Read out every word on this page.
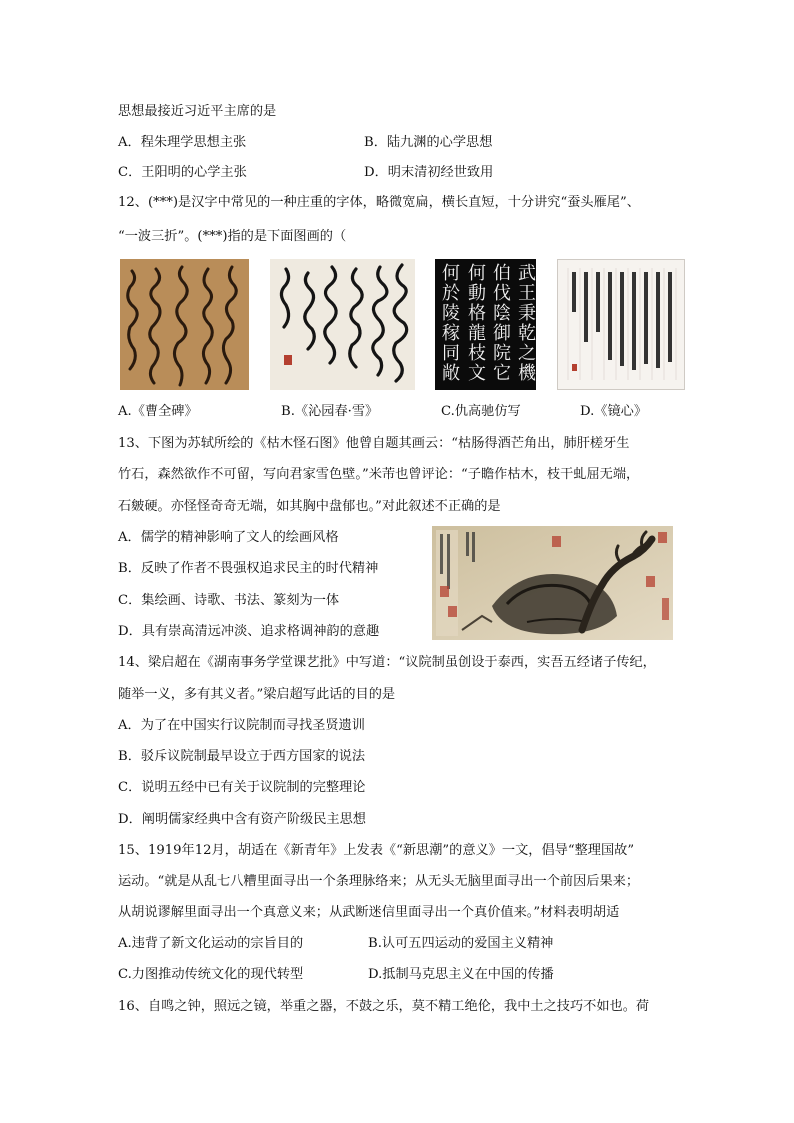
思想最接近习近平主席的是
A．程朱理学思想主张	B．陆九渊的心学思想
C．王阳明的心学主张	D．明末清初经世致用
12、(***)是汉字中常见的一种庄重的字体，略微宽扁，横长直短，十分讲究“蚕头雁尾”、
“一波三折”。(***)指的是下面图画的（
武王秉乾之機
伯伐陰御院它
何動格龍枝文
何於陵稼同敞
A.《曹全碑》	B.《沁园春·雪》	C.仇高驰仿写	D.《镜心》
13、下图为苏轼所绘的《枯木怪石图》他曾自题其画云：“枯肠得酒芒角出，肺肝槎牙生
竹石，森然欲作不可留，写向君家雪色壁。”米芾也曾评论：“子瞻作枯木，枝干虬屈无端，
石皴硬。亦怪怪奇奇无端，如其胸中盘郁也。”对此叙述不正确的是
A．儒学的精神影响了文人的绘画风格
B．反映了作者不畏强权追求民主的时代精神
C．集绘画、诗歌、书法、篆刻为一体
D．具有崇高清远冲淡、追求格调神韵的意趣
14、梁启超在《湖南事务学堂课艺批》中写道：“议院制虽创设于泰西，实吾五经诸子传纪，
随举一义，多有其义者。”梁启超写此话的目的是
A．为了在中国实行议院制而寻找圣贤遗训
B．驳斥议院制最早设立于西方国家的说法
C．说明五经中已有关于议院制的完整理论
D．阐明儒家经典中含有资产阶级民主思想
15、1919年12月，胡适在《新青年》上发表《“新思潮”的意义》一文，倡导“整理国故”
运动。“就是从乱七八糟里面寻出一个条理脉络来；从无头无脑里面寻出一个前因后果来；
从胡说谬解里面寻出一个真意义来；从武断迷信里面寻出一个真价值来。”材料表明胡适
A.违背了新文化运动的宗旨目的	B.认可五四运动的爱国主义精神
C.力图推动传统文化的现代转型	D.抵制马克思主义在中国的传播
16、自鸣之钟，照远之镜，举重之器，不鼓之乐，莫不精工绝伦，我中土之技巧不如也。荷
